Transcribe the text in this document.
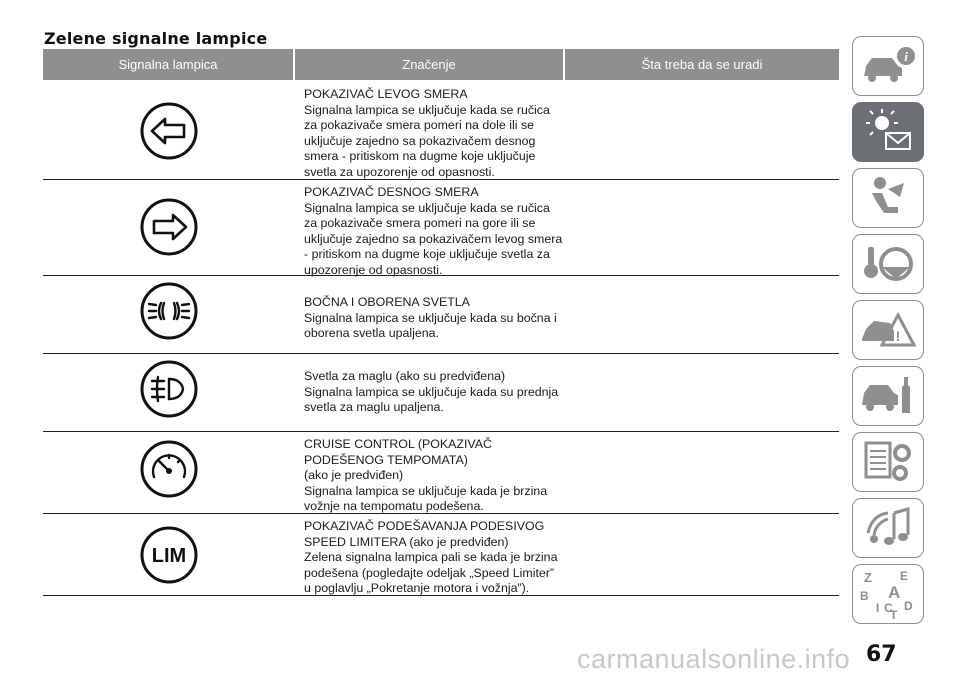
Zelene signalne lampice
Signalna lampica	Značenje	Šta treba da se uradi
POKAZIVAČ LEVOG SMERA
Signalna lampica se uključuje kada se ručica
za pokazivače smera pomeri na dole ili se
uključuje zajedno sa pokazivačem desnog
smera - pritiskom na dugme koje uključuje
svetla za upozorenje od opasnosti.
POKAZIVAČ DESNOG SMERA
Signalna lampica se uključuje kada se ručica
za pokazivače smera pomeri na gore ili se
uključuje zajedno sa pokazivačem levog smera
- pritiskom na dugme koje uključuje svetla za
upozorenje od opasnosti.
BOČNA I OBORENA SVETLA
Signalna lampica se uključuje kada su bočna i
oborena svetla upaljena.
Svetla za maglu (ako su predviđena)
Signalna lampica se uključuje kada su prednja
svetla za maglu upaljena.
CRUISE CONTROL (POKAZIVAČ
PODEŠENOG TEMPOMATA)
(ako je predviđen)
Signalna lampica se uključuje kada je brzina
vožnje na tempomatu podešena.
LIM
POKAZIVAČ PODEŠAVANJA PODESIVOG
SPEED LIMITERA (ako je predviđen)
Zelena signalna lampica pali se kada je brzina
podešena (pogledajte odeljak „Speed Limiter”
u poglavlju „Pokretanje motora i vožnja”).
i
!
Z E
B A
I C D
T
67
carmanualsonline.info
